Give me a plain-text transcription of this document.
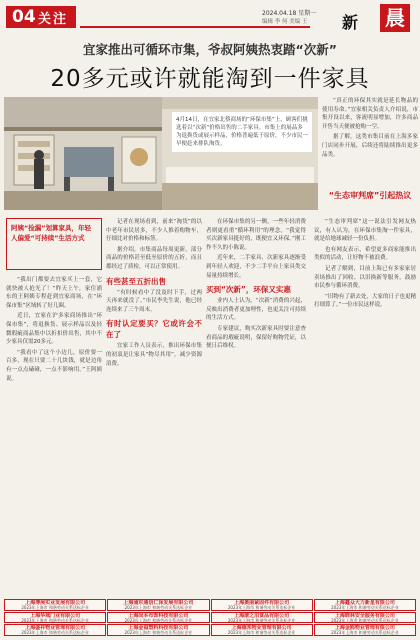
04 关注	2024.04.18 星期一
编辑 李 何 美编 王 新 晨
宜家推出可循环市集，爷叔阿姨热衷踏“次新”
20多元或许就能淘到一件家具
4月14日，在宜家北蔡商场的“环保市集”上，顾客们挑选着以“次新”价格出售的二手家具。市集上的展品多为退换货或展示样品，价格普遍低于原价，不少市民一早便赶来排队淘货。

“真正的环保其实就是延长物品的使用寿命。”宜家相关负责人介绍说，市集开设以来，客流明显增加，许多商品开售当天便被抢购一空。

据了解，这类市集目前在上海多家门店同步开展，后续还将陆续推出更多品类。

“生态审判席”引起热议

阿姨“捡漏”划算家具，年轻人偏爱“可持续”生活方式

“我出门都要去宜家买上一套，它就快被人抢光了！”昨天上午，家住浦东的王阿姨专程赶到宜家商场，在“环保市集”区域转了好几圈。

近日，宜家在沪多家商场推出“环保市集”，将退换货、展示样品以及轻微瑕疵商品集中以折扣价出售，其中不少家具仅需20多元。

“我看中了这个小边几，原价要一百多，现在只要二十几块钱，就是边角有一点点磕碰，一点不影响用。”王阿姨说。

记者在现场看到，前来“淘货”的以中老年市民居多，不少人推着购物车，仔细比对价格和标签。

据介绍，市集商品每周更新，部分商品的价格甚至低至原价的五折，而且都经过了质检，可以正常使用。

有些甚至五折出售

“有时候看中了没及时下手，过两天再来就没了。”市民李先生说，他已经连续来了三个周末。

有时认定要买？它或许会不在了

宜家工作人员表示，推出环保市集的初衷是让家具“物尽其用”，减少资源浪费。

在环保市集的另一侧，一些年轻消费者则更看重“循环利用”的理念。“我觉得买次新家具挺好的，既便宜又环保。”刚工作不久的小陈说。

近年来，二手家具、次新家具逐渐受到年轻人欢迎，不少二手平台上家具类交易量持续增长。

买到“次新”，环保又实惠

业内人士认为，“次新”消费的兴起，反映出消费者更加理性，也更关注可持续的生活方式。

专家建议，购买次新家具时要注意查看商品的瑕疵说明，保留好购物凭证，以便日后维权。

“生态审判席”这一说法引发网友热议，有人认为，在环保市集淘一件家具，就是给地球减轻一份负担。

也有网友表示，希望更多商家能推出类似的活动，让好物不被浪费。

记者了解到，目前上海已有多家家居卖场推出了回收、以旧换新等服务，鼓励市民参与循环消费。

“旧物有了新去处，大家的日子也更精打细算了。”一位市民这样说。

上海博展实业发展有限公司
2023年上海市 和谐劳动关系达标企业
上海浦东通信仁泽发展有限公司
2023年上海市 和谐劳动关系达标企业
上海奥丽紧固件有限公司
2023年上海市 和谐劳动关系达标企业
上海鑫众大力新星有限公司
2023年上海市 和谐劳动关系达标企业
上海华城门业有限公司
2023年上海市 和谐劳动关系达标企业
上海闵本布饰科技有限公司
2023年上海市 和谐劳动关系达标企业
上海康之泊食品有限公司
2023年上海市 和谐劳动关系达标企业
上海晓林安全服务有限公司
2023年上海市 和谐劳动关系达标企业
上海盛祥物业管理有限公司
2023年上海市 和谐劳动关系达标企业
上海金福塑料科技有限公司
2023年上海市 和谐劳动关系达标企业
上海德邦物业管理有限公司
2023年上海市 和谐劳动关系达标企业
上海金鸥物业管理有限公司
2023年上海市 和谐劳动关系达标企业
